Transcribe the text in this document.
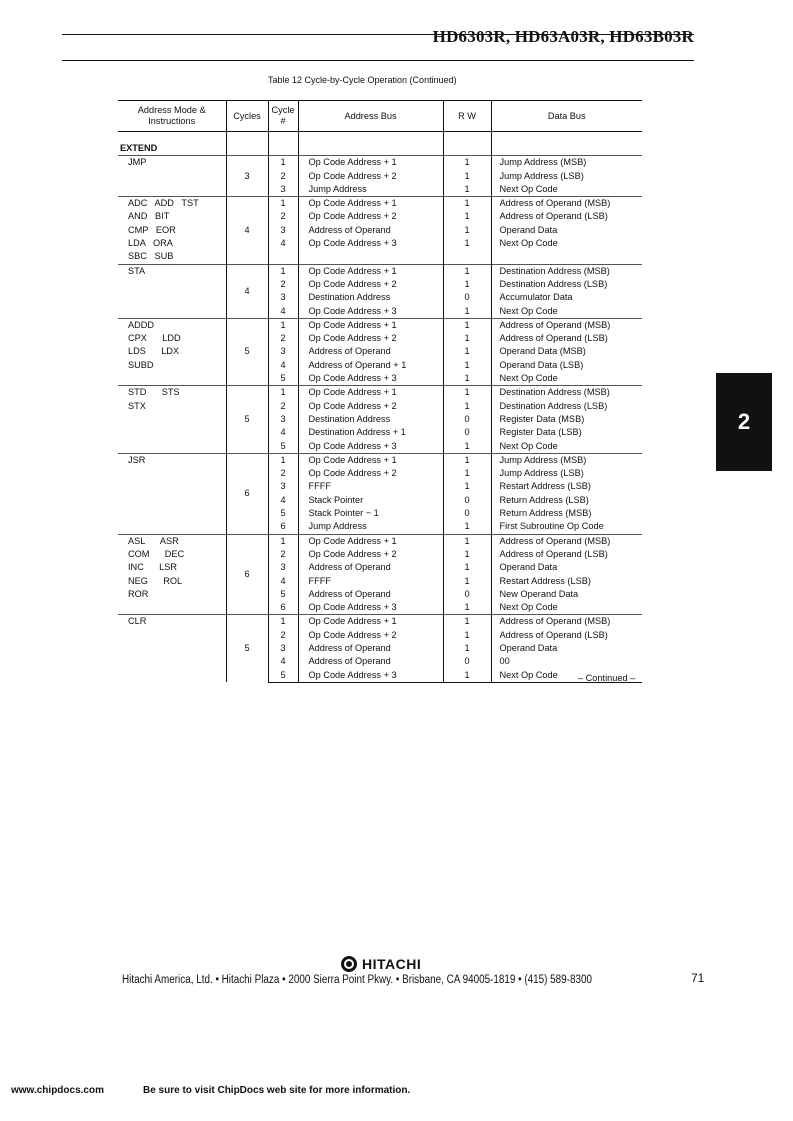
HD6303R, HD63A03R, HD63B03R
Table 12 Cycle-by-Cycle Operation (Continued)
Address Mode & Instructions	Cycles	Cycle #	Address Bus	R W	Data Bus
EXTEND					

JMP	3	1	Op Code Address + 1	1	Jump Address (MSB)
		2	Op Code Address + 2	1	Jump Address (LSB)
		3	Jump Address	1	Next Op Code

ADC   ADD   TST
AND   BIT
CMP   EOR
LDA   ORA
SBC   SUB	4	1	Op Code Address + 1	1	Address of Operand (MSB)
		2	Op Code Address + 2	1	Address of Operand (LSB)
		3	Address of Operand	1	Operand Data
		4	Op Code Address + 3	1	Next Op Code

STA	4	1	Op Code Address + 1	1	Destination Address (MSB)
		2	Op Code Address + 2	1	Destination Address (LSB)
		3	Destination Address	0	Accumulator Data
		4	Op Code Address + 3	1	Next Op Code

ADDD
CPX      LDD
LDS      LDX
SUBD	5	1	Op Code Address + 1	1	Address of Operand (MSB)
		2	Op Code Address + 2	1	Address of Operand (LSB)
		3	Address of Operand	1	Operand Data (MSB)
		4	Address of Operand + 1	1	Operand Data (LSB)
		5	Op Code Address + 3	1	Next Op Code

STD      STS
STX	5	1	Op Code Address + 1	1	Destination Address (MSB)
		2	Op Code Address + 2	1	Destination Address (LSB)
		3	Destination Address	0	Register Data (MSB)
		4	Destination Address + 1	0	Register Data (LSB)
		5	Op Code Address + 3	1	Next Op Code

JSR	6	1	Op Code Address + 1	1	Jump Address (MSB)
		2	Op Code Address + 2	1	Jump Address (LSB)
		3	FFFF	1	Restart Address (LSB)
		4	Stack Pointer	0	Return Address (LSB)
		5	Stack Pointer − 1	0	Return Address (MSB)
		6	Jump Address	1	First Subroutine Op Code

ASL      ASR
COM      DEC
INC      LSR
NEG      ROL
ROR	6	1	Op Code Address + 1	1	Address of Operand (MSB)
		2	Op Code Address + 2	1	Address of Operand (LSB)
		3	Address of Operand	1	Operand Data
		4	FFFF	1	Restart Address (LSB)
		5	Address of Operand	0	New Operand Data
		6	Op Code Address + 3	1	Next Op Code

CLR	5	1	Op Code Address + 1	1	Address of Operand (MSB)
		2	Op Code Address + 2	1	Address of Operand (LSB)
		3	Address of Operand	1	Operand Data
		4	Address of Operand	0	00
		5	Op Code Address + 3	1	Next Op Code – Continued –
2
HITACHI
Hitachi America, Ltd. • Hitachi Plaza • 2000 Sierra Point Pkwy. • Brisbane, CA 94005-1819 • (415) 589-8300	71
www.chipdocs.com	Be sure to visit ChipDocs web site for more information.
